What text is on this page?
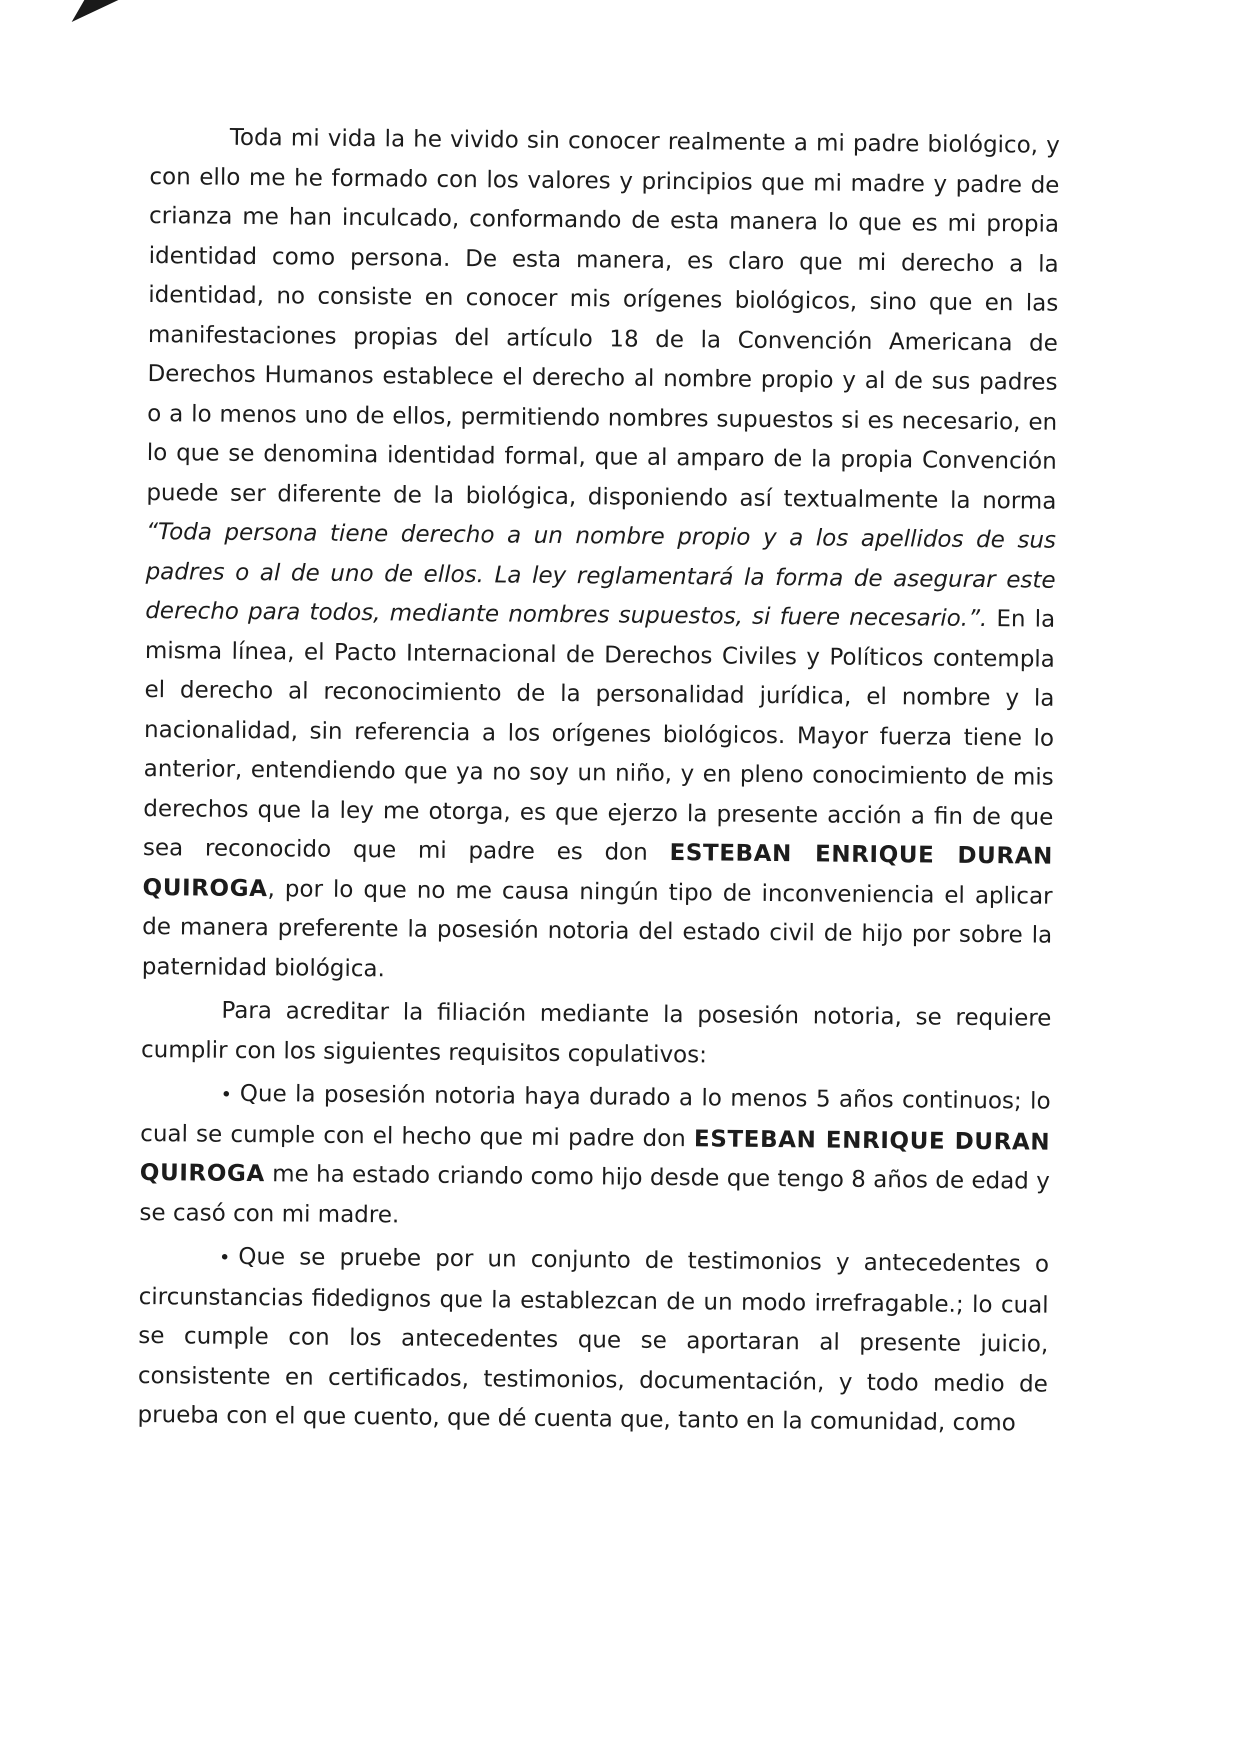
Toda mi vida la he vivido sin conocer realmente a mi padre biológico, y con ello me he formado con los valores y principios que mi madre y padre de crianza me han inculcado, conformando de esta manera lo que es mi propia identidad como persona. De esta manera, es claro que mi derecho a la identidad, no consiste en conocer mis orígenes biológicos, sino que en las manifestaciones propias del artículo 18 de la Convención Americana de Derechos Humanos establece el derecho al nombre propio y al de sus padres o a lo menos uno de ellos, permitiendo nombres supuestos si es necesario, en lo que se denomina identidad formal, que al amparo de la propia Convención puede ser diferente de la biológica, disponiendo así textualmente la norma “Toda persona tiene derecho a un nombre propio y a los apellidos de sus padres o al de uno de ellos. La ley reglamentará la forma de asegurar este derecho para todos, mediante nombres supuestos, si fuere necesario.”. En la misma línea, el Pacto Internacional de Derechos Civiles y Políticos contempla el derecho al reconocimiento de la personalidad jurídica, el nombre y la nacionalidad, sin referencia a los orígenes biológicos. Mayor fuerza tiene lo anterior, entendiendo que ya no soy un niño, y en pleno conocimiento de mis derechos que la ley me otorga, es que ejerzo la presente acción a fin de que sea reconocido que mi padre es don ESTEBAN ENRIQUE DURAN QUIROGA, por lo que no me causa ningún tipo de inconveniencia el aplicar de manera preferente la posesión notoria del estado civil de hijo por sobre la paternidad biológica.

Para acreditar la filiación mediante la posesión notoria, se requiere cumplir con los siguientes requisitos copulativos:

• Que la posesión notoria haya durado a lo menos 5 años continuos; lo cual se cumple con el hecho que mi padre don ESTEBAN ENRIQUE DURAN QUIROGA me ha estado criando como hijo desde que tengo 8 años de edad y se casó con mi madre.

• Que se pruebe por un conjunto de testimonios y antecedentes o circunstancias fidedignos que la establezcan de un modo irrefragable.; lo cual se cumple con los antecedentes que se aportaran al presente juicio, consistente en certificados, testimonios, documentación, y todo medio de prueba con el que cuento, que dé cuenta que, tanto en la comunidad, como
